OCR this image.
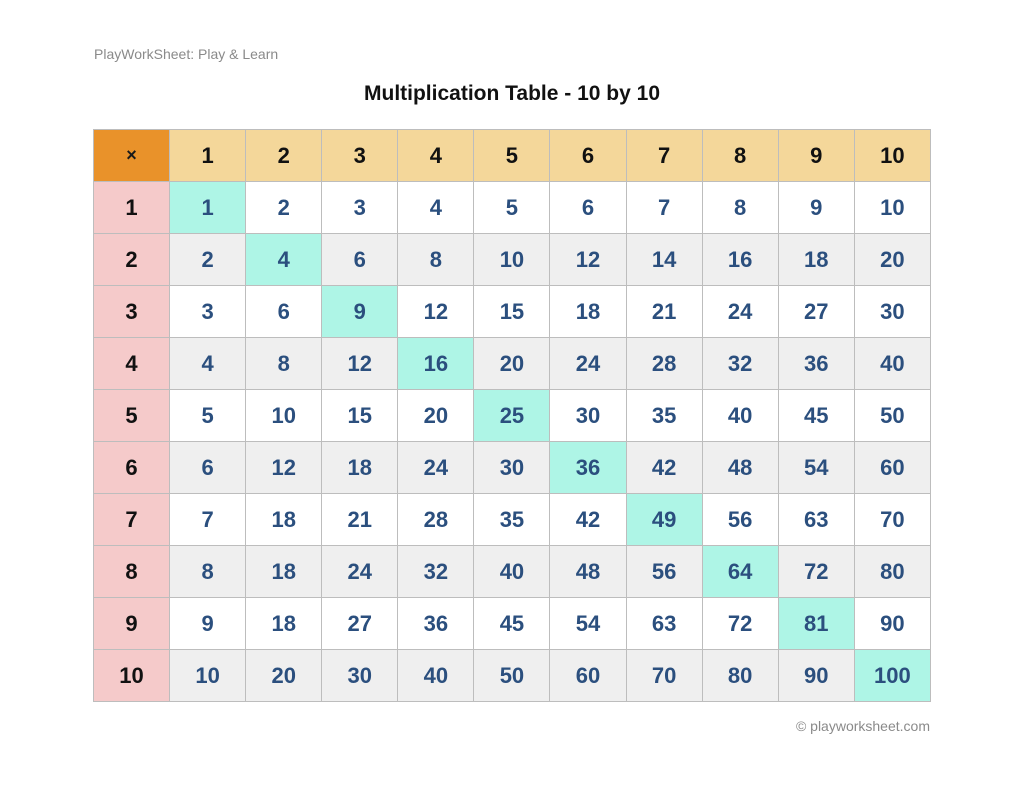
PlayWorkSheet: Play & Learn
Multiplication Table - 10 by 10
×	1	2	3	4	5	6	7	8	9	10
1	1	2	3	4	5	6	7	8	9	10
2	2	4	6	8	10	12	14	16	18	20
3	3	6	9	12	15	18	21	24	27	30
4	4	8	12	16	20	24	28	32	36	40
5	5	10	15	20	25	30	35	40	45	50
6	6	12	18	24	30	36	42	48	54	60
7	7	18	21	28	35	42	49	56	63	70
8	8	18	24	32	40	48	56	64	72	80
9	9	18	27	36	45	54	63	72	81	90
10	10	20	30	40	50	60	70	80	90	100
© playworksheet.com
